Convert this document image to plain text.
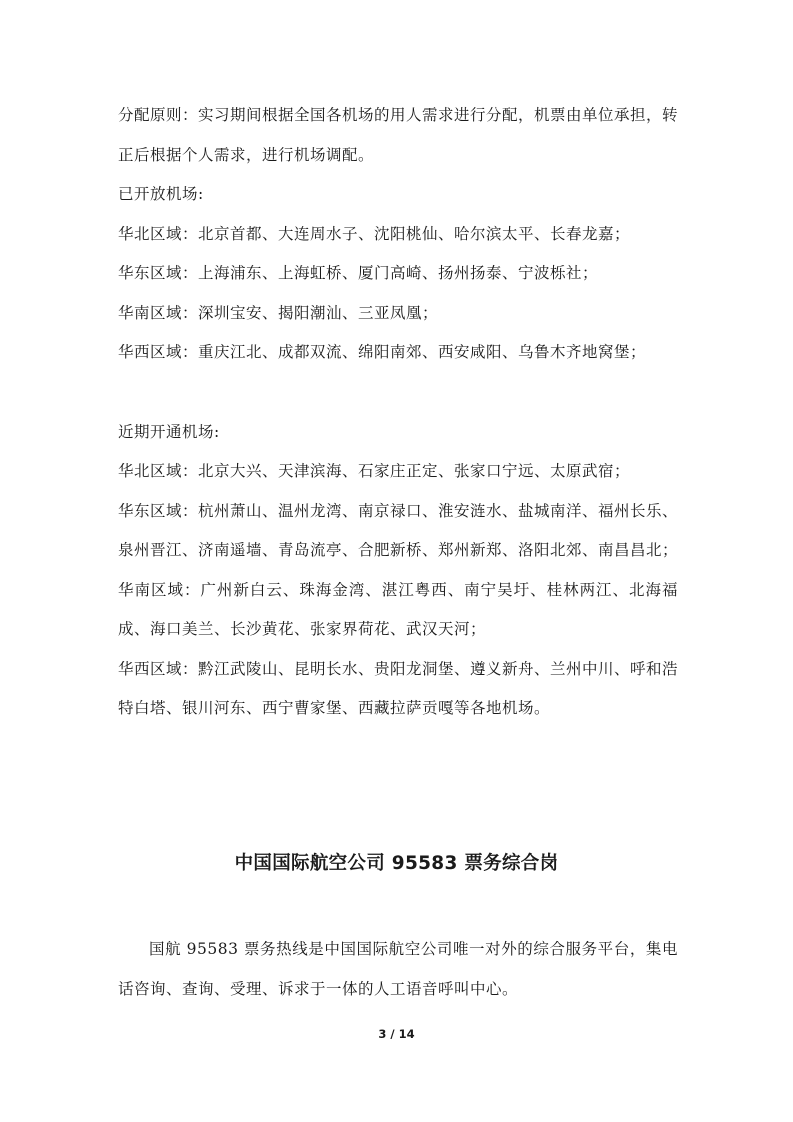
分配原则：实习期间根据全国各机场的用人需求进行分配，机票由单位承担，转正后根据个人需求，进行机场调配。

已开放机场:

华北区域：北京首都、大连周水子、沈阳桃仙、哈尔滨太平、长春龙嘉；

华东区域：上海浦东、上海虹桥、厦门高崎、扬州扬泰、宁波栎社；

华南区域：深圳宝安、揭阳潮汕、三亚凤凰；

华西区域：重庆江北、成都双流、绵阳南郊、西安咸阳、乌鲁木齐地窝堡；

近期开通机场:

华北区域：北京大兴、天津滨海、石家庄正定、张家口宁远、太原武宿；

华东区域：杭州萧山、温州龙湾、南京禄口、淮安涟水、盐城南洋、福州长乐、泉州晋江、济南遥墙、青岛流亭、合肥新桥、郑州新郑、洛阳北郊、南昌昌北；

华南区域：广州新白云、珠海金湾、湛江粤西、南宁吴圩、桂林两江、北海福成、海口美兰、长沙黄花、张家界荷花、武汉天河；

华西区域：黔江武陵山、昆明长水、贵阳龙洞堡、遵义新舟、兰州中川、呼和浩特白塔、银川河东、西宁曹家堡、西藏拉萨贡嘎等各地机场。

中国国际航空公司 95583 票务综合岗

国航 95583 票务热线是中国国际航空公司唯一对外的综合服务平台，集电话咨询、查询、受理、诉求于一体的人工语音呼叫中心。

3 / 14
